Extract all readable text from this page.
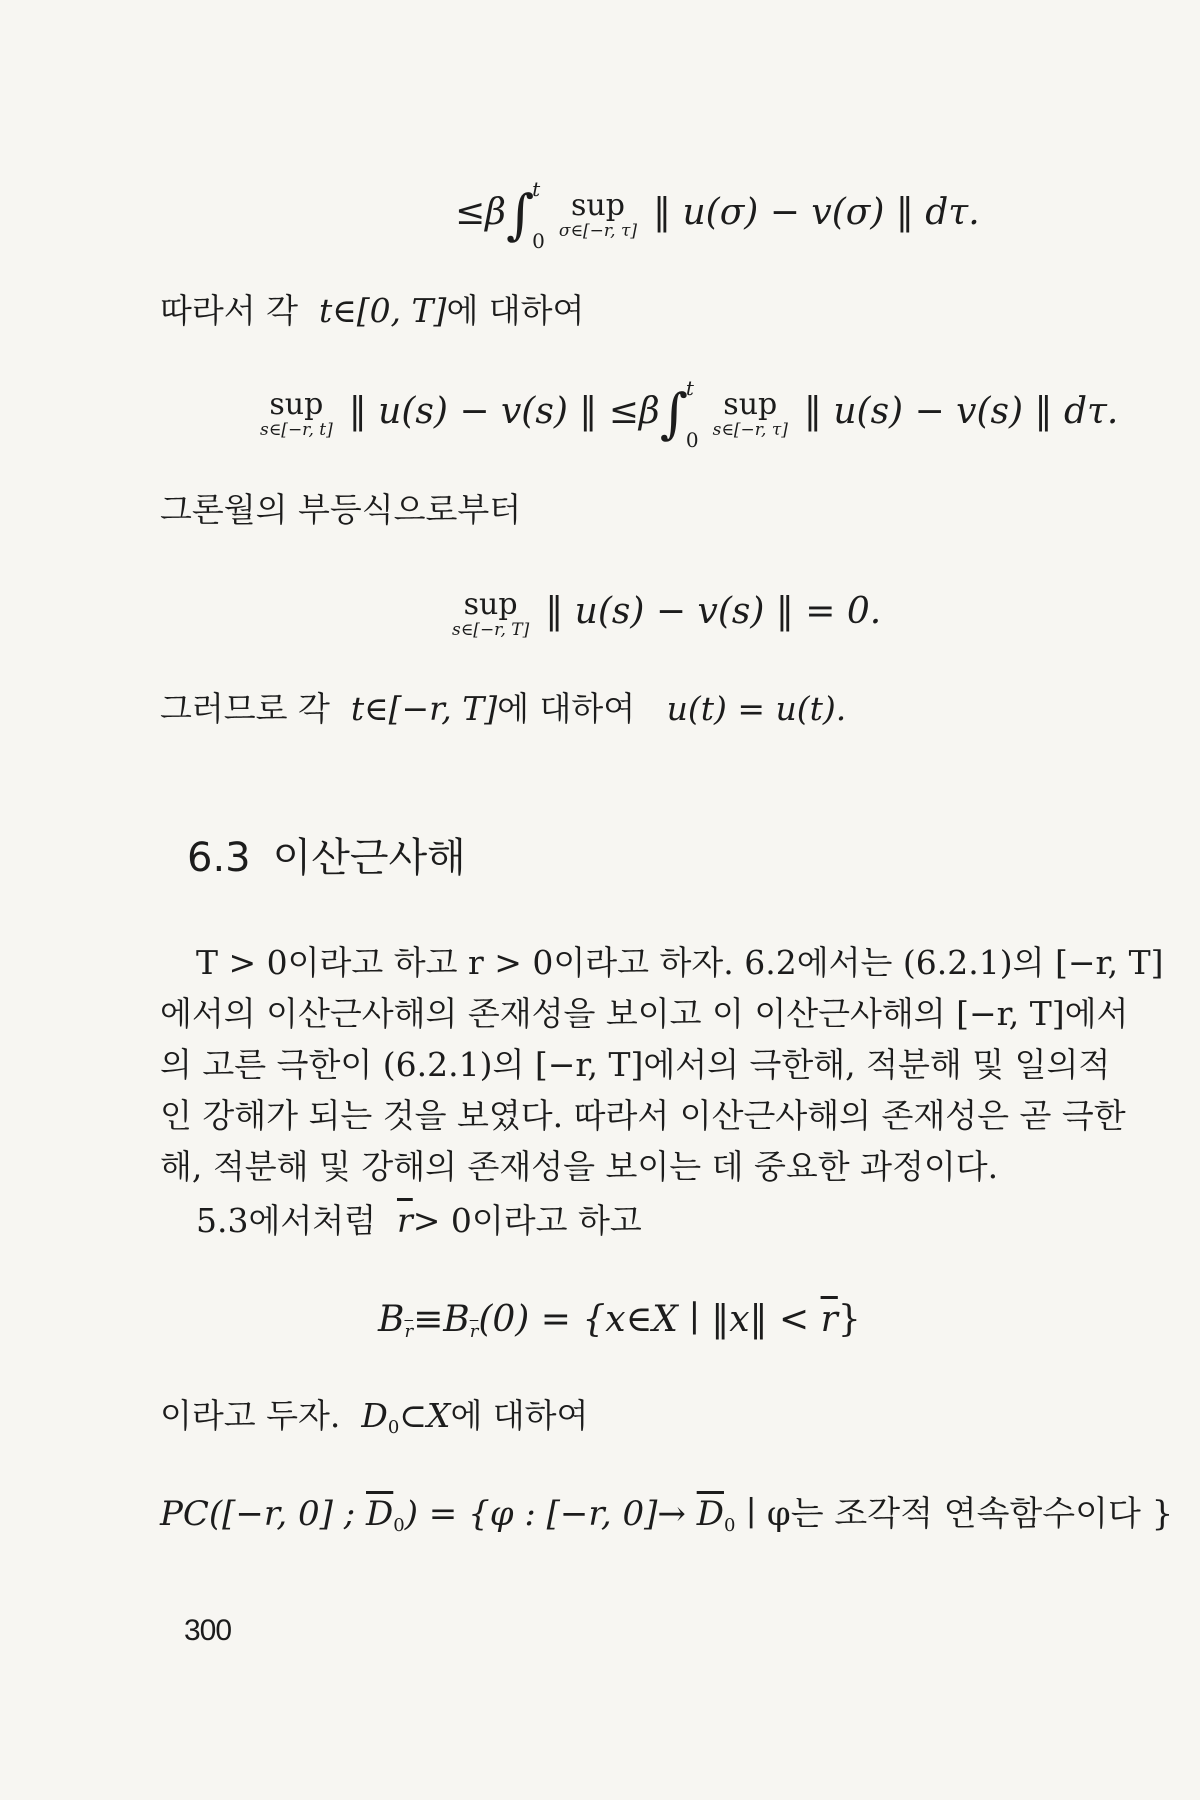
≤β∫
t
0
sup
σ∈[−r, τ] ‖ u(σ) − v(σ) ‖ dτ.
따라서 각 t∈[0, T]에 대하여
sup
s∈[−r, t] ‖ u(s) − v(s) ‖ ≤β∫
t
0
sup
s∈[−r, τ] ‖ u(s) − v(s) ‖ dτ.
그론월의 부등식으로부터
sup
s∈[−r, T] ‖ u(s) − v(s) ‖ = 0.
그러므로 각 t∈[−r, T]에 대하여 u(t) = u(t).
6.3 이산근사해
T > 0이라고 하고 r > 0이라고 하자. 6.2에서는 (6.2.1)의 [−r, T]
에서의 이산근사해의 존재성을 보이고 이 이산근사해의 [−r, T]에서
의 고른 극한이 (6.2.1)의 [−r, T]에서의 극한해, 적분해 및 일의적
인 강해가 되는 것을 보였다. 따라서 이산근사해의 존재성은 곧 극한
해, 적분해 및 강해의 존재성을 보이는 데 중요한 과정이다.
5.3에서처럼 $\overline{r}> 0$이라고 하고
$B\overline{r}\equiv B\overline{r}(0)$ = {x∈X ∣ ‖x‖ < $\overline{r}$}
이라고 두자. D0⊂X에 대하여
PC([−r, 0] ; $\overline{D}0) = \{\varphi$ : [−r, $0]\to \overline{D}0$ ∣ φ는 조각적 연속함수이다 }
300
